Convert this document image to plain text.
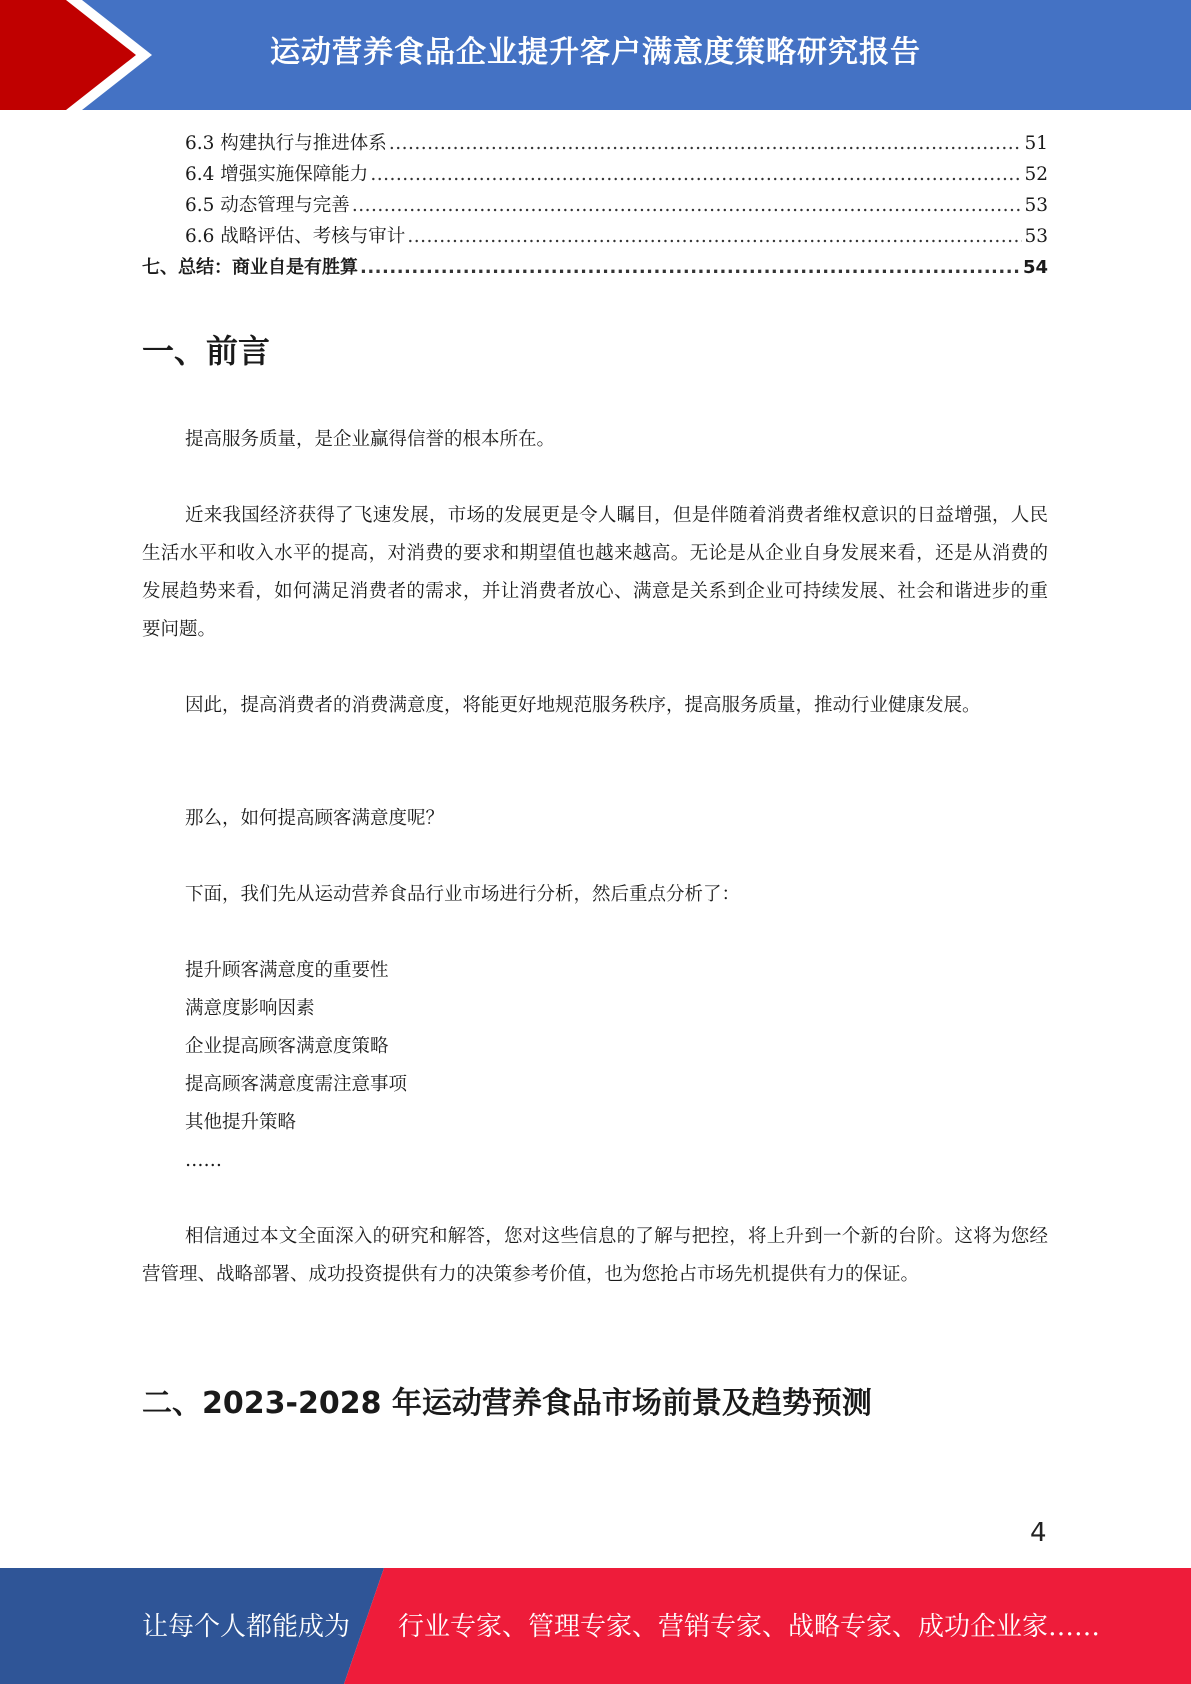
运动营养食品企业提升客户满意度策略研究报告
6.3 构建执行与推进体系 .....	51
6.4 增强实施保障能力 .....	52
6.5 动态管理与完善 .....	53
6.6 战略评估、考核与审计 .....	53
七、总结：商业自是有胜算 .....	54
一、前言

提高服务质量，是企业赢得信誉的根本所在。

近来我国经济获得了飞速发展，市场的发展更是令人瞩目，但是伴随着消费者维权意识的日益增强，人民生活水平和收入水平的提高，对消费的要求和期望值也越来越高。无论是从企业自身发展来看，还是从消费的发展趋势来看，如何满足消费者的需求，并让消费者放心、满意是关系到企业可持续发展、社会和谐进步的重要问题。

因此，提高消费者的消费满意度，将能更好地规范服务秩序，提高服务质量，推动行业健康发展。

那么，如何提高顾客满意度呢？

下面，我们先从运动营养食品行业市场进行分析，然后重点分析了：

提升顾客满意度的重要性
满意度影响因素
企业提高顾客满意度策略
提高顾客满意度需注意事项
其他提升策略
……

相信通过本文全面深入的研究和解答，您对这些信息的了解与把控，将上升到一个新的台阶。这将为您经营管理、战略部署、成功投资提供有力的决策参考价值，也为您抢占市场先机提供有力的保证。

二、2023-2028 年运动营养食品市场前景及趋势预测
4
让每个人都能成为 行业专家、管理专家、营销专家、战略专家、成功企业家……
